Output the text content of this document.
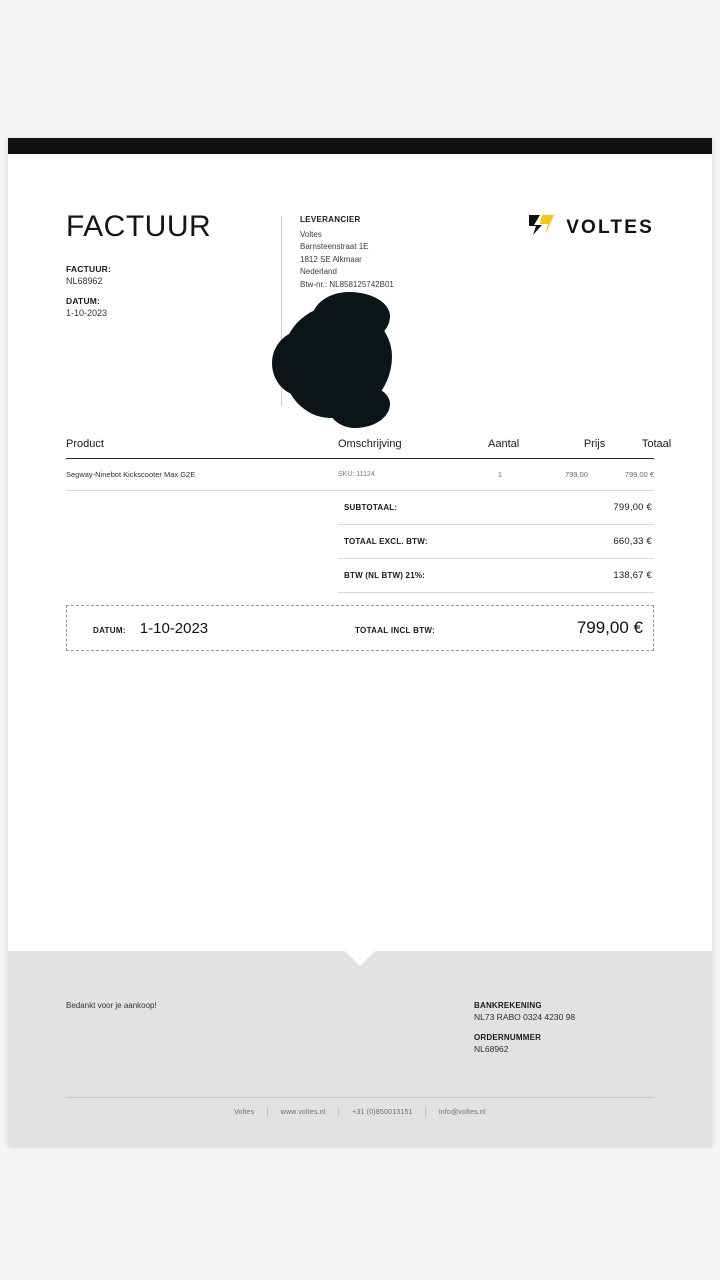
FACTUUR
FACTUUR:
NL68962
DATUM:
1-10-2023
LEVERANCIER
Voltes
Barnsteenstraat 1E
1812 SE Alkmaar
Nederland
Btw-nr.: NL858125742B01
VOLTES
Product	Omschrijving	Aantal	Prijs	Totaal
Segway-Ninebot Kickscooter Max G2E	SKU: 11124	1	799,00	799,00 €
SUBTOTAAL:	799,00 €
TOTAAL EXCL. BTW:	660,33 €
BTW (NL BTW) 21%:	138,67 €
DATUM: 1-10-2023	TOTAAL INCL BTW:	799,00 €
Bedankt voor je aankoop!	BANKREKENING
NL73 RABO 0324 4230 98
ORDERNUMMER
NL68962
Voltes | www.voltes.nl | +31 (0)850013151 | info@voltes.nl
